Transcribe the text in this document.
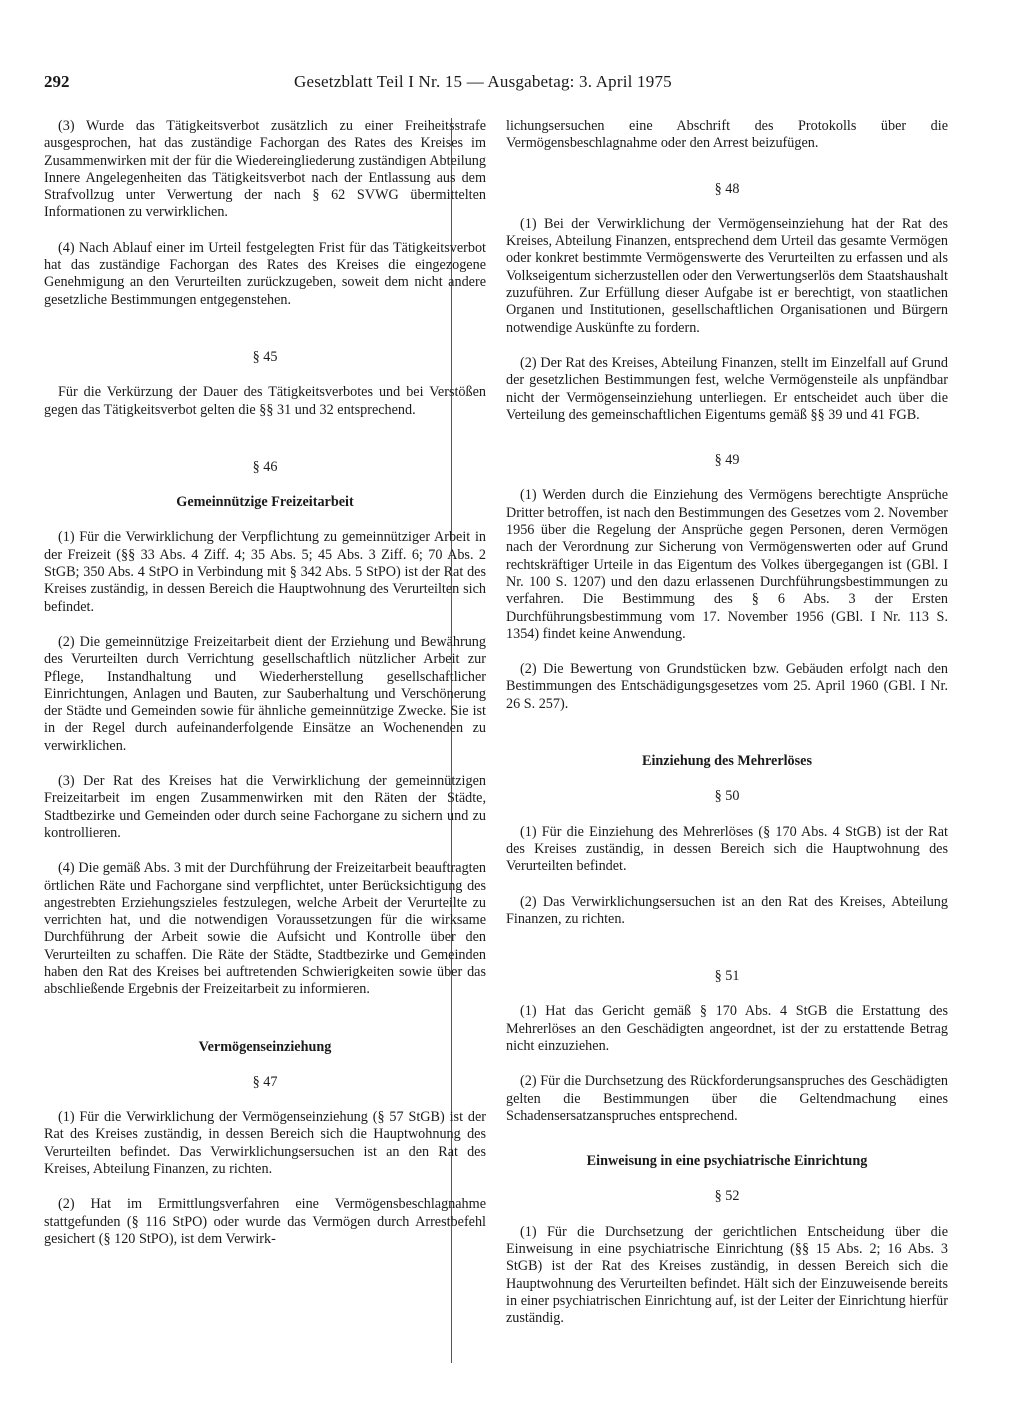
292	Gesetzblatt Teil I Nr. 15 — Ausgabetag: 3. April 1975

(3) Wurde das Tätigkeitsverbot zusätzlich zu einer Freiheitsstrafe ausgesprochen, hat das zuständige Fachorgan des Rates des Kreises im Zusammenwirken mit der für die Wiedereingliederung zuständigen Abteilung Innere Angelegenheiten das Tätigkeitsverbot nach der Entlassung aus dem Strafvollzug unter Verwertung der nach § 62 SVWG übermittelten Informationen zu verwirklichen.

(4) Nach Ablauf einer im Urteil festgelegten Frist für das Tätigkeitsverbot hat das zuständige Fachorgan des Rates des Kreises die eingezogene Genehmigung an den Verurteilten zurückzugeben, soweit dem nicht andere gesetzliche Bestimmungen entgegenstehen.

§ 45

Für die Verkürzung der Dauer des Tätigkeitsverbotes und bei Verstößen gegen das Tätigkeitsverbot gelten die §§ 31 und 32 entsprechend.

§ 46
Gemeinnützige Freizeitarbeit

(1) Für die Verwirklichung der Verpflichtung zu gemeinnütziger Arbeit in der Freizeit (§§ 33 Abs. 4 Ziff. 4; 35 Abs. 5; 45 Abs. 3 Ziff. 6; 70 Abs. 2 StGB; 350 Abs. 4 StPO in Verbindung mit § 342 Abs. 5 StPO) ist der Rat des Kreises zuständig, in dessen Bereich die Hauptwohnung des Verurteilten sich befindet.

(2) Die gemeinnützige Freizeitarbeit dient der Erziehung und Bewährung des Verurteilten durch Verrichtung gesellschaftlich nützlicher Arbeit zur Pflege, Instandhaltung und Wiederherstellung gesellschaftlicher Einrichtungen, Anlagen und Bauten, zur Sauberhaltung und Verschönerung der Städte und Gemeinden sowie für ähnliche gemeinnützige Zwecke. Sie ist in der Regel durch aufeinanderfolgende Einsätze an Wochenenden zu verwirklichen.

(3) Der Rat des Kreises hat die Verwirklichung der gemeinnützigen Freizeitarbeit im engen Zusammenwirken mit den Räten der Städte, Stadtbezirke und Gemeinden oder durch seine Fachorgane zu sichern und zu kontrollieren.

(4) Die gemäß Abs. 3 mit der Durchführung der Freizeitarbeit beauftragten örtlichen Räte und Fachorgane sind verpflichtet, unter Berücksichtigung des angestrebten Erziehungszieles festzulegen, welche Arbeit der Verurteilte zu verrichten hat, und die notwendigen Voraussetzungen für die wirksame Durchführung der Arbeit sowie die Aufsicht und Kontrolle über den Verurteilten zu schaffen. Die Räte der Städte, Stadtbezirke und Gemeinden haben den Rat des Kreises bei auftretenden Schwierigkeiten sowie über das abschließende Ergebnis der Freizeitarbeit zu informieren.

Vermögenseinziehung
§ 47

(1) Für die Verwirklichung der Vermögenseinziehung (§ 57 StGB) ist der Rat des Kreises zuständig, in dessen Bereich sich die Hauptwohnung des Verurteilten befindet. Das Verwirklichungsersuchen ist an den Rat des Kreises, Abteilung Finanzen, zu richten.

(2) Hat im Ermittlungsverfahren eine Vermögensbeschlagnahme stattgefunden (§ 116 StPO) oder wurde das Vermögen durch Arrestbefehl gesichert (§ 120 StPO), ist dem Verwirk-

lichungsersuchen eine Abschrift des Protokolls über die Vermögensbeschlagnahme oder den Arrest beizufügen.

§ 48

(1) Bei der Verwirklichung der Vermögenseinziehung hat der Rat des Kreises, Abteilung Finanzen, entsprechend dem Urteil das gesamte Vermögen oder konkret bestimmte Vermögenswerte des Verurteilten zu erfassen und als Volkseigentum sicherzustellen oder den Verwertungserlös dem Staatshaushalt zuzuführen. Zur Erfüllung dieser Aufgabe ist er berechtigt, von staatlichen Organen und Institutionen, gesellschaftlichen Organisationen und Bürgern notwendige Auskünfte zu fordern.

(2) Der Rat des Kreises, Abteilung Finanzen, stellt im Einzelfall auf Grund der gesetzlichen Bestimmungen fest, welche Vermögensteile als unpfändbar nicht der Vermögenseinziehung unterliegen. Er entscheidet auch über die Verteilung des gemeinschaftlichen Eigentums gemäß §§ 39 und 41 FGB.

§ 49

(1) Werden durch die Einziehung des Vermögens berechtigte Ansprüche Dritter betroffen, ist nach den Bestimmungen des Gesetzes vom 2. November 1956 über die Regelung der Ansprüche gegen Personen, deren Vermögen nach der Verordnung zur Sicherung von Vermögenswerten oder auf Grund rechtskräftiger Urteile in das Eigentum des Volkes übergegangen ist (GBl. I Nr. 100 S. 1207) und den dazu erlassenen Durchführungsbestimmungen zu verfahren. Die Bestimmung des § 6 Abs. 3 der Ersten Durchführungsbestimmung vom 17. November 1956 (GBl. I Nr. 113 S. 1354) findet keine Anwendung.

(2) Die Bewertung von Grundstücken bzw. Gebäuden erfolgt nach den Bestimmungen des Entschädigungsgesetzes vom 25. April 1960 (GBl. I Nr. 26 S. 257).

Einziehung des Mehrerlöses
§ 50

(1) Für die Einziehung des Mehrerlöses (§ 170 Abs. 4 StGB) ist der Rat des Kreises zuständig, in dessen Bereich sich die Hauptwohnung des Verurteilten befindet.

(2) Das Verwirklichungsersuchen ist an den Rat des Kreises, Abteilung Finanzen, zu richten.

§ 51

(1) Hat das Gericht gemäß § 170 Abs. 4 StGB die Erstattung des Mehrerlöses an den Geschädigten angeordnet, ist der zu erstattende Betrag nicht einzuziehen.

(2) Für die Durchsetzung des Rückforderungsanspruches des Geschädigten gelten die Bestimmungen über die Geltendmachung eines Schadensersatzanspruches entsprechend.

Einweisung in eine psychiatrische Einrichtung
§ 52

(1) Für die Durchsetzung der gerichtlichen Entscheidung über die Einweisung in eine psychiatrische Einrichtung (§§ 15 Abs. 2; 16 Abs. 3 StGB) ist der Rat des Kreises zuständig, in dessen Bereich sich die Hauptwohnung des Verurteilten befindet. Hält sich der Einzuweisende bereits in einer psychiatrischen Einrichtung auf, ist der Leiter der Einrichtung hierfür zuständig.
